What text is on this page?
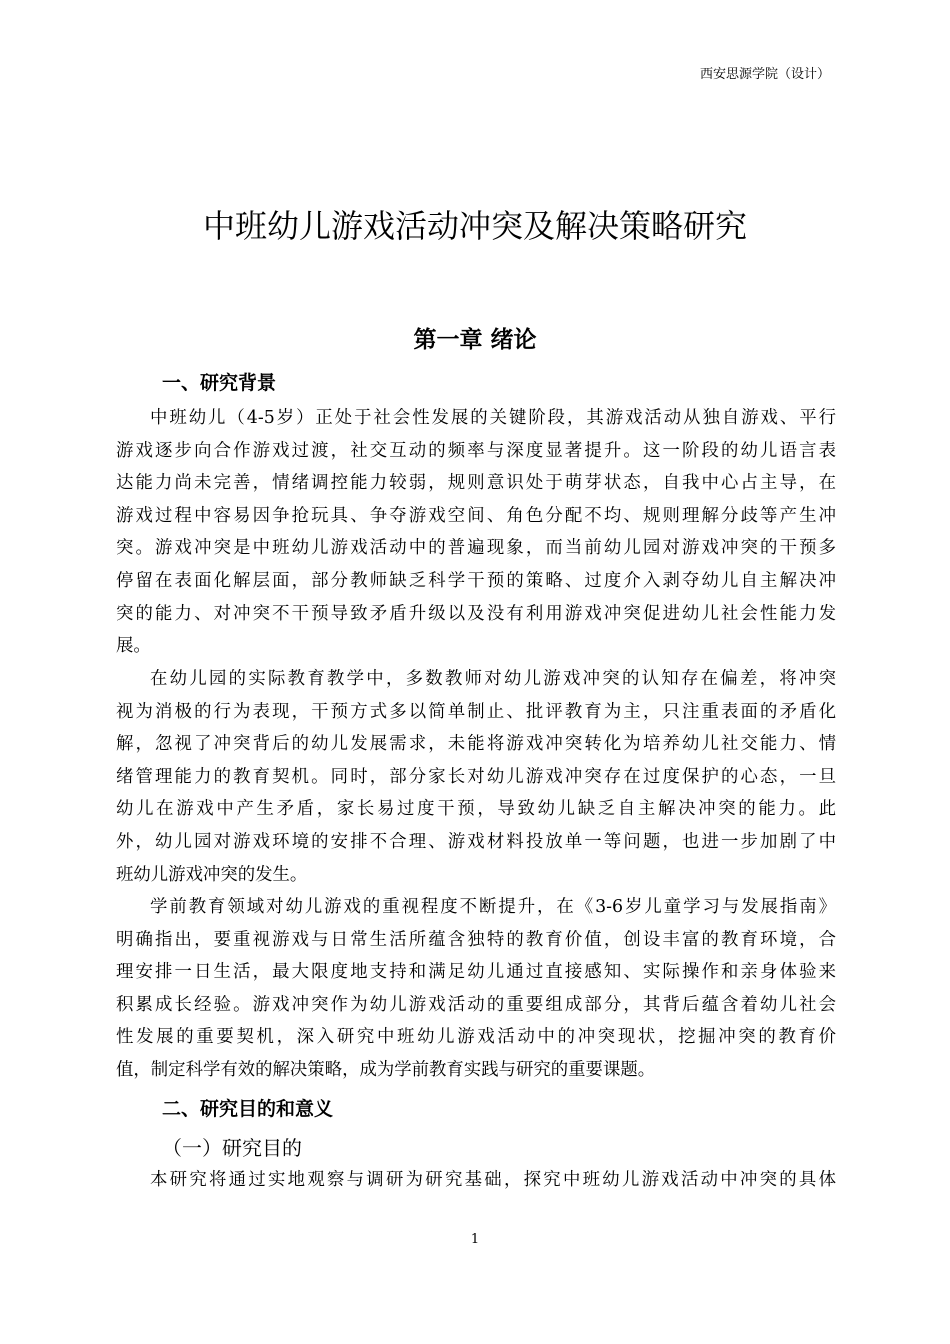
西安思源学院（设计）
中班幼儿游戏活动冲突及解决策略研究
第一章 绪论
一、研究背景
中班幼儿（4-5岁）正处于社会性发展的关键阶段，其游戏活动从独自游戏、平行
游戏逐步向合作游戏过渡，社交互动的频率与深度显著提升。这一阶段的幼儿语言表
达能力尚未完善，情绪调控能力较弱，规则意识处于萌芽状态，自我中心占主导，在
游戏过程中容易因争抢玩具、争夺游戏空间、角色分配不均、规则理解分歧等产生冲
突。游戏冲突是中班幼儿游戏活动中的普遍现象，而当前幼儿园对游戏冲突的干预多
停留在表面化解层面，部分教师缺乏科学干预的策略、过度介入剥夺幼儿自主解决冲
突的能力、对冲突不干预导致矛盾升级以及没有利用游戏冲突促进幼儿社会性能力发
展。
在幼儿园的实际教育教学中，多数教师对幼儿游戏冲突的认知存在偏差，将冲突
视为消极的行为表现，干预方式多以简单制止、批评教育为主，只注重表面的矛盾化
解，忽视了冲突背后的幼儿发展需求，未能将游戏冲突转化为培养幼儿社交能力、情
绪管理能力的教育契机。同时，部分家长对幼儿游戏冲突存在过度保护的心态，一旦
幼儿在游戏中产生矛盾，家长易过度干预，导致幼儿缺乏自主解决冲突的能力。此
外，幼儿园对游戏环境的安排不合理、游戏材料投放单一等问题，也进一步加剧了中
班幼儿游戏冲突的发生。
学前教育领域对幼儿游戏的重视程度不断提升，在《3-6岁儿童学习与发展指南》
明确指出，要重视游戏与日常生活所蕴含独特的教育价值，创设丰富的教育环境，合
理安排一日生活，最大限度地支持和满足幼儿通过直接感知、实际操作和亲身体验来
积累成长经验。游戏冲突作为幼儿游戏活动的重要组成部分，其背后蕴含着幼儿社会
性发展的重要契机，深入研究中班幼儿游戏活动中的冲突现状，挖掘冲突的教育价
值，制定科学有效的解决策略，成为学前教育实践与研究的重要课题。
二、研究目的和意义
（一）研究目的
本研究将通过实地观察与调研为研究基础，探究中班幼儿游戏活动中冲突的具体
1
